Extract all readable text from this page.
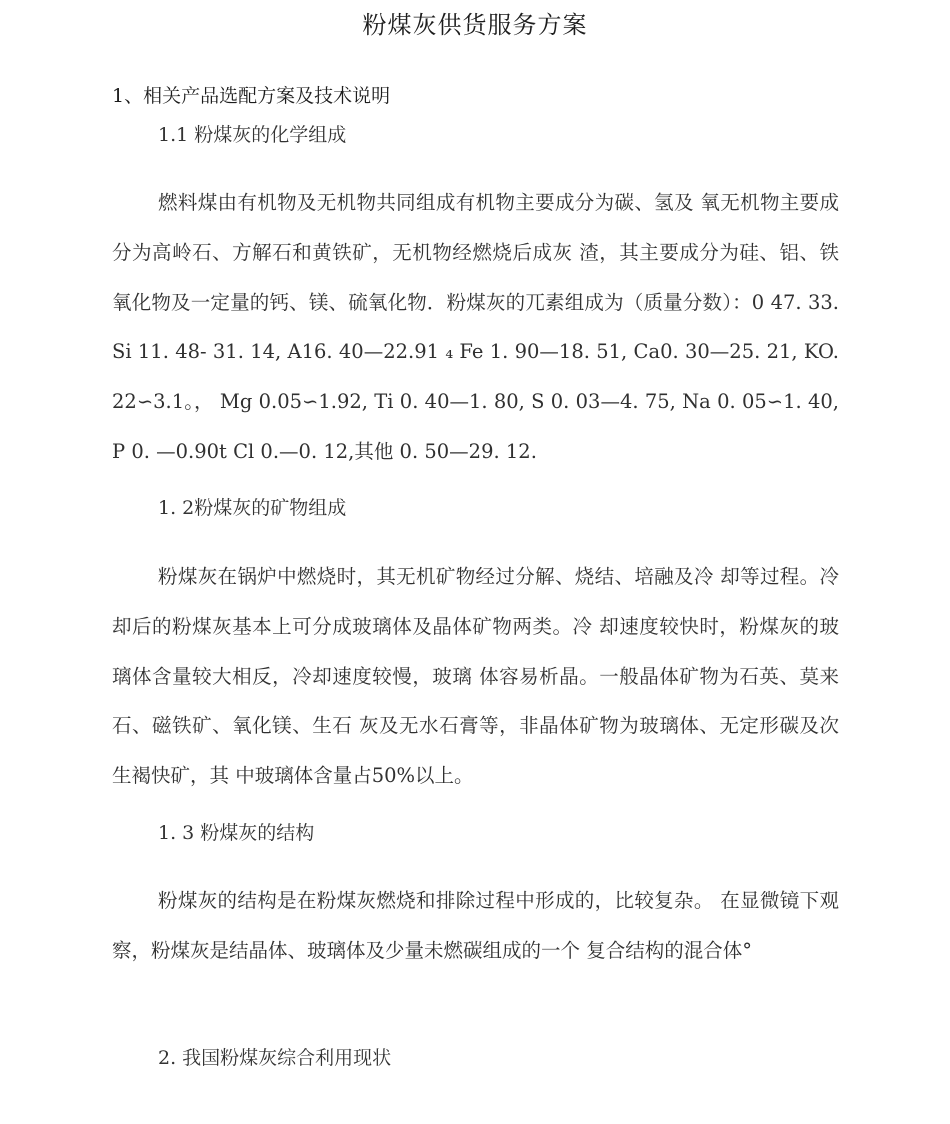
粉煤灰供货服务方案
1、相关产品选配方案及技术说明
1.1 粉煤灰的化学组成
燃料煤由有机物及无机物共同组成有机物主要成分为碳、氢及 氧无机物主要成分为高岭石、方解石和黄铁矿，无机物经燃烧后成灰 渣，其主要成分为硅、铝、铁氧化物及一定量的钙、镁、硫氧化物．粉煤灰的兀素组成为（质量分数）：0 47. 33. Si 11. 48- 31. 14, A16. 40—22.91 ₄ Fe 1. 90—18. 51, Ca0. 30—25. 21, KO. 22∽3.1。， Mg 0.05∽1.92, Ti 0. 40—1. 80, S 0. 03—4. 75, Na 0. 05∽1. 40, P 0. —0.90t Cl 0.—0. 12,其他 0. 50—29. 12.
1. 2粉煤灰的矿物组成
粉煤灰在锅炉中燃烧时，其无机矿物经过分解、烧结、培融及冷 却等过程。冷却后的粉煤灰基本上可分成玻璃体及晶体矿物两类。冷 却速度较快时，粉煤灰的玻璃体含量较大相反，冷却速度较慢，玻璃 体容易析晶。一般晶体矿物为石英、莫来石、磁铁矿、氧化镁、生石 灰及无水石膏等，非晶体矿物为玻璃体、无定形碳及次生褐快矿，其 中玻璃体含量占50%以上。
1. 3 粉煤灰的结构
粉煤灰的结构是在粉煤灰燃烧和排除过程中形成的，比较复杂。 在显微镜下观察，粉煤灰是结晶体、玻璃体及少量未燃碳组成的一个 复合结构的混合体°
2. 我国粉煤灰综合利用现状
